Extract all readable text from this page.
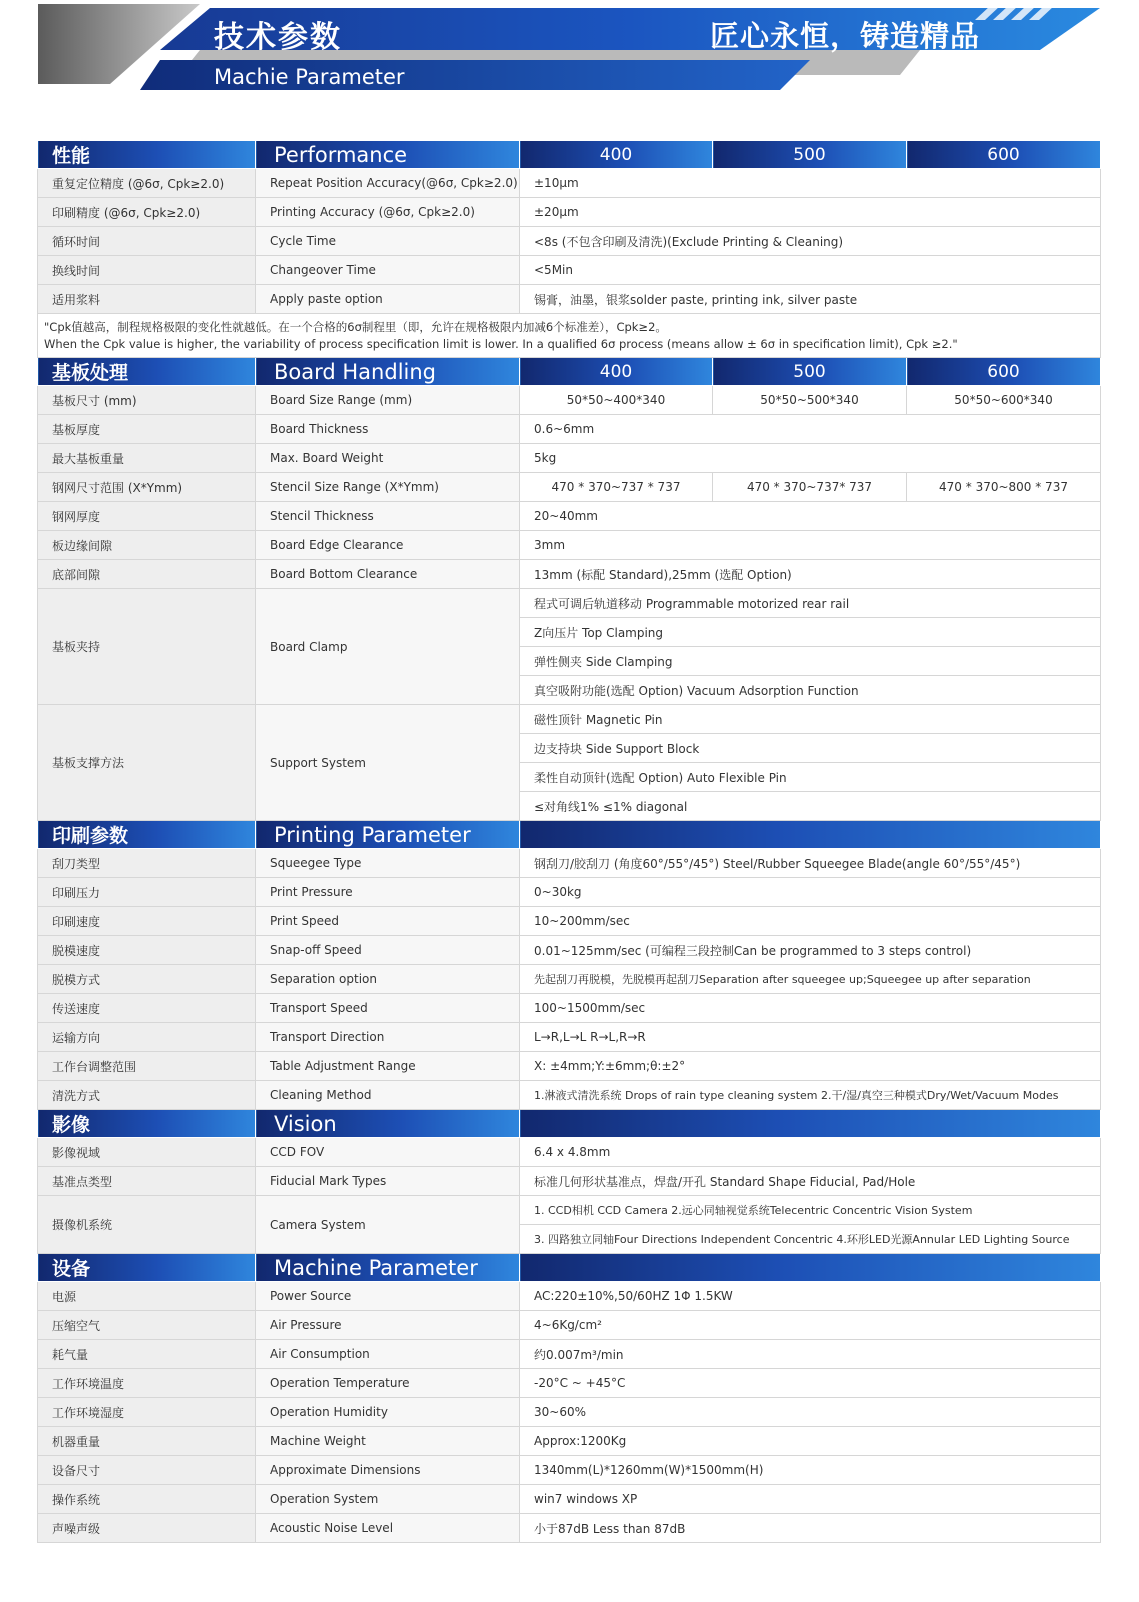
技术参数
Machie Parameter
匠心永恒，铸造精品
性能	Performance	400	500	600
重复定位精度 (@6σ, Cpk≥2.0)	Repeat Position Accuracy(@6σ, Cpk≥2.0)	±10μm		
印刷精度 (@6σ, Cpk≥2.0)	Printing Accuracy (@6σ, Cpk≥2.0)	±20μm		
循环时间	Cycle Time	<8s (不包含印刷及清洗)(Exclude Printing & Cleaning)		
换线时间	Changeover Time	<5Min		
适用浆料	Apply paste option	锡膏，油墨，银浆solder paste, printing ink, silver paste		

"Cpk值越高，制程规格极限的变化性就越低。在一个合格的6σ制程里（即，允许在规格极限内加减6个标准差），Cpk≥2。
When the Cpk value is higher, the variability of process specification limit is lower. In a qualified 6σ process (means allow ± 6σ in specification limit), Cpk ≥2."				

基板处理	Board Handling	400	500	600
基板尺寸 (mm)	Board Size Range (mm)	50*50~400*340	50*50~500*340	50*50~600*340
基板厚度	Board Thickness	0.6~6mm		
最大基板重量	Max. Board Weight	5kg		
钢网尺寸范围 (X*Ymm)	Stencil Size Range (X*Ymm)	470 * 370~737 * 737	470 * 370~737* 737	470 * 370~800 * 737
钢网厚度	Stencil Thickness	20~40mm		
板边缘间隙	Board Edge Clearance	3mm		
底部间隙	Board Bottom Clearance	13mm (标配 Standard),25mm (选配 Option)		
基板夹持	Board Clamp	程式可调后轨道移动 Programmable motorized rear rail		
		Z向压片 Top Clamping		
		弹性侧夹 Side Clamping		
		真空吸附功能(选配 Option) Vacuum Adsorption Function		
基板支撑方法	Support System	磁性顶针 Magnetic Pin		
		边支持块 Side Support Block		
		柔性自动顶针(选配 Option) Auto Flexible Pin		
		≤对角线1% ≤1% diagonal		
印刷参数	Printing Parameter			
刮刀类型	Squeegee Type	钢刮刀/胶刮刀 (角度60°/55°/45°) Steel/Rubber Squeegee Blade(angle 60°/55°/45°)		
印刷压力	Print Pressure	0~30kg		
印刷速度	Print Speed	10~200mm/sec		
脱模速度	Snap-off Speed	0.01~125mm/sec (可编程三段控制Can be programmed to 3 steps control)		
脱模方式	Separation option	先起刮刀再脱模，先脱模再起刮刀Separation after squeegee up;Squeegee up after separation		
传送速度	Transport Speed	100~1500mm/sec		
运输方向	Transport Direction	L→R,L→L R→L,R→R		
工作台调整范围	Table Adjustment Range	X: ±4mm;Y:±6mm;θ:±2°		
清洗方式	Cleaning Method	1.淋液式清洗系统 Drops of rain type cleaning system 2.干/湿/真空三种模式Dry/Wet/Vacuum Modes		
影像	Vision			
影像视域	CCD FOV	6.4 x 4.8mm		
基准点类型	Fiducial Mark Types	标准几何形状基准点，焊盘/开孔 Standard Shape Fiducial, Pad/Hole		
摄像机系统	Camera System	1. CCD相机 CCD Camera 2.远心同轴视觉系统Telecentric Concentric Vision System		
		3. 四路独立同轴Four Directions Independent Concentric 4.环形LED光源Annular LED Lighting Source		
设备	Machine Parameter			
电源	Power Source	AC:220±10%,50/60HZ 1Φ 1.5KW		
压缩空气	Air Pressure	4~6Kg/cm²		
耗气量	Air Consumption	约0.007m³/min		
工作环境温度	Operation Temperature	-20°C ~ +45°C		
工作环境湿度	Operation Humidity	30~60%		
机器重量	Machine Weight	Approx:1200Kg		
设备尺寸	Approximate Dimensions	1340mm(L)*1260mm(W)*1500mm(H)		
操作系统	Operation System	win7 windows XP		
声噪声级	Acoustic Noise Level	小于87dB Less than 87dB		
